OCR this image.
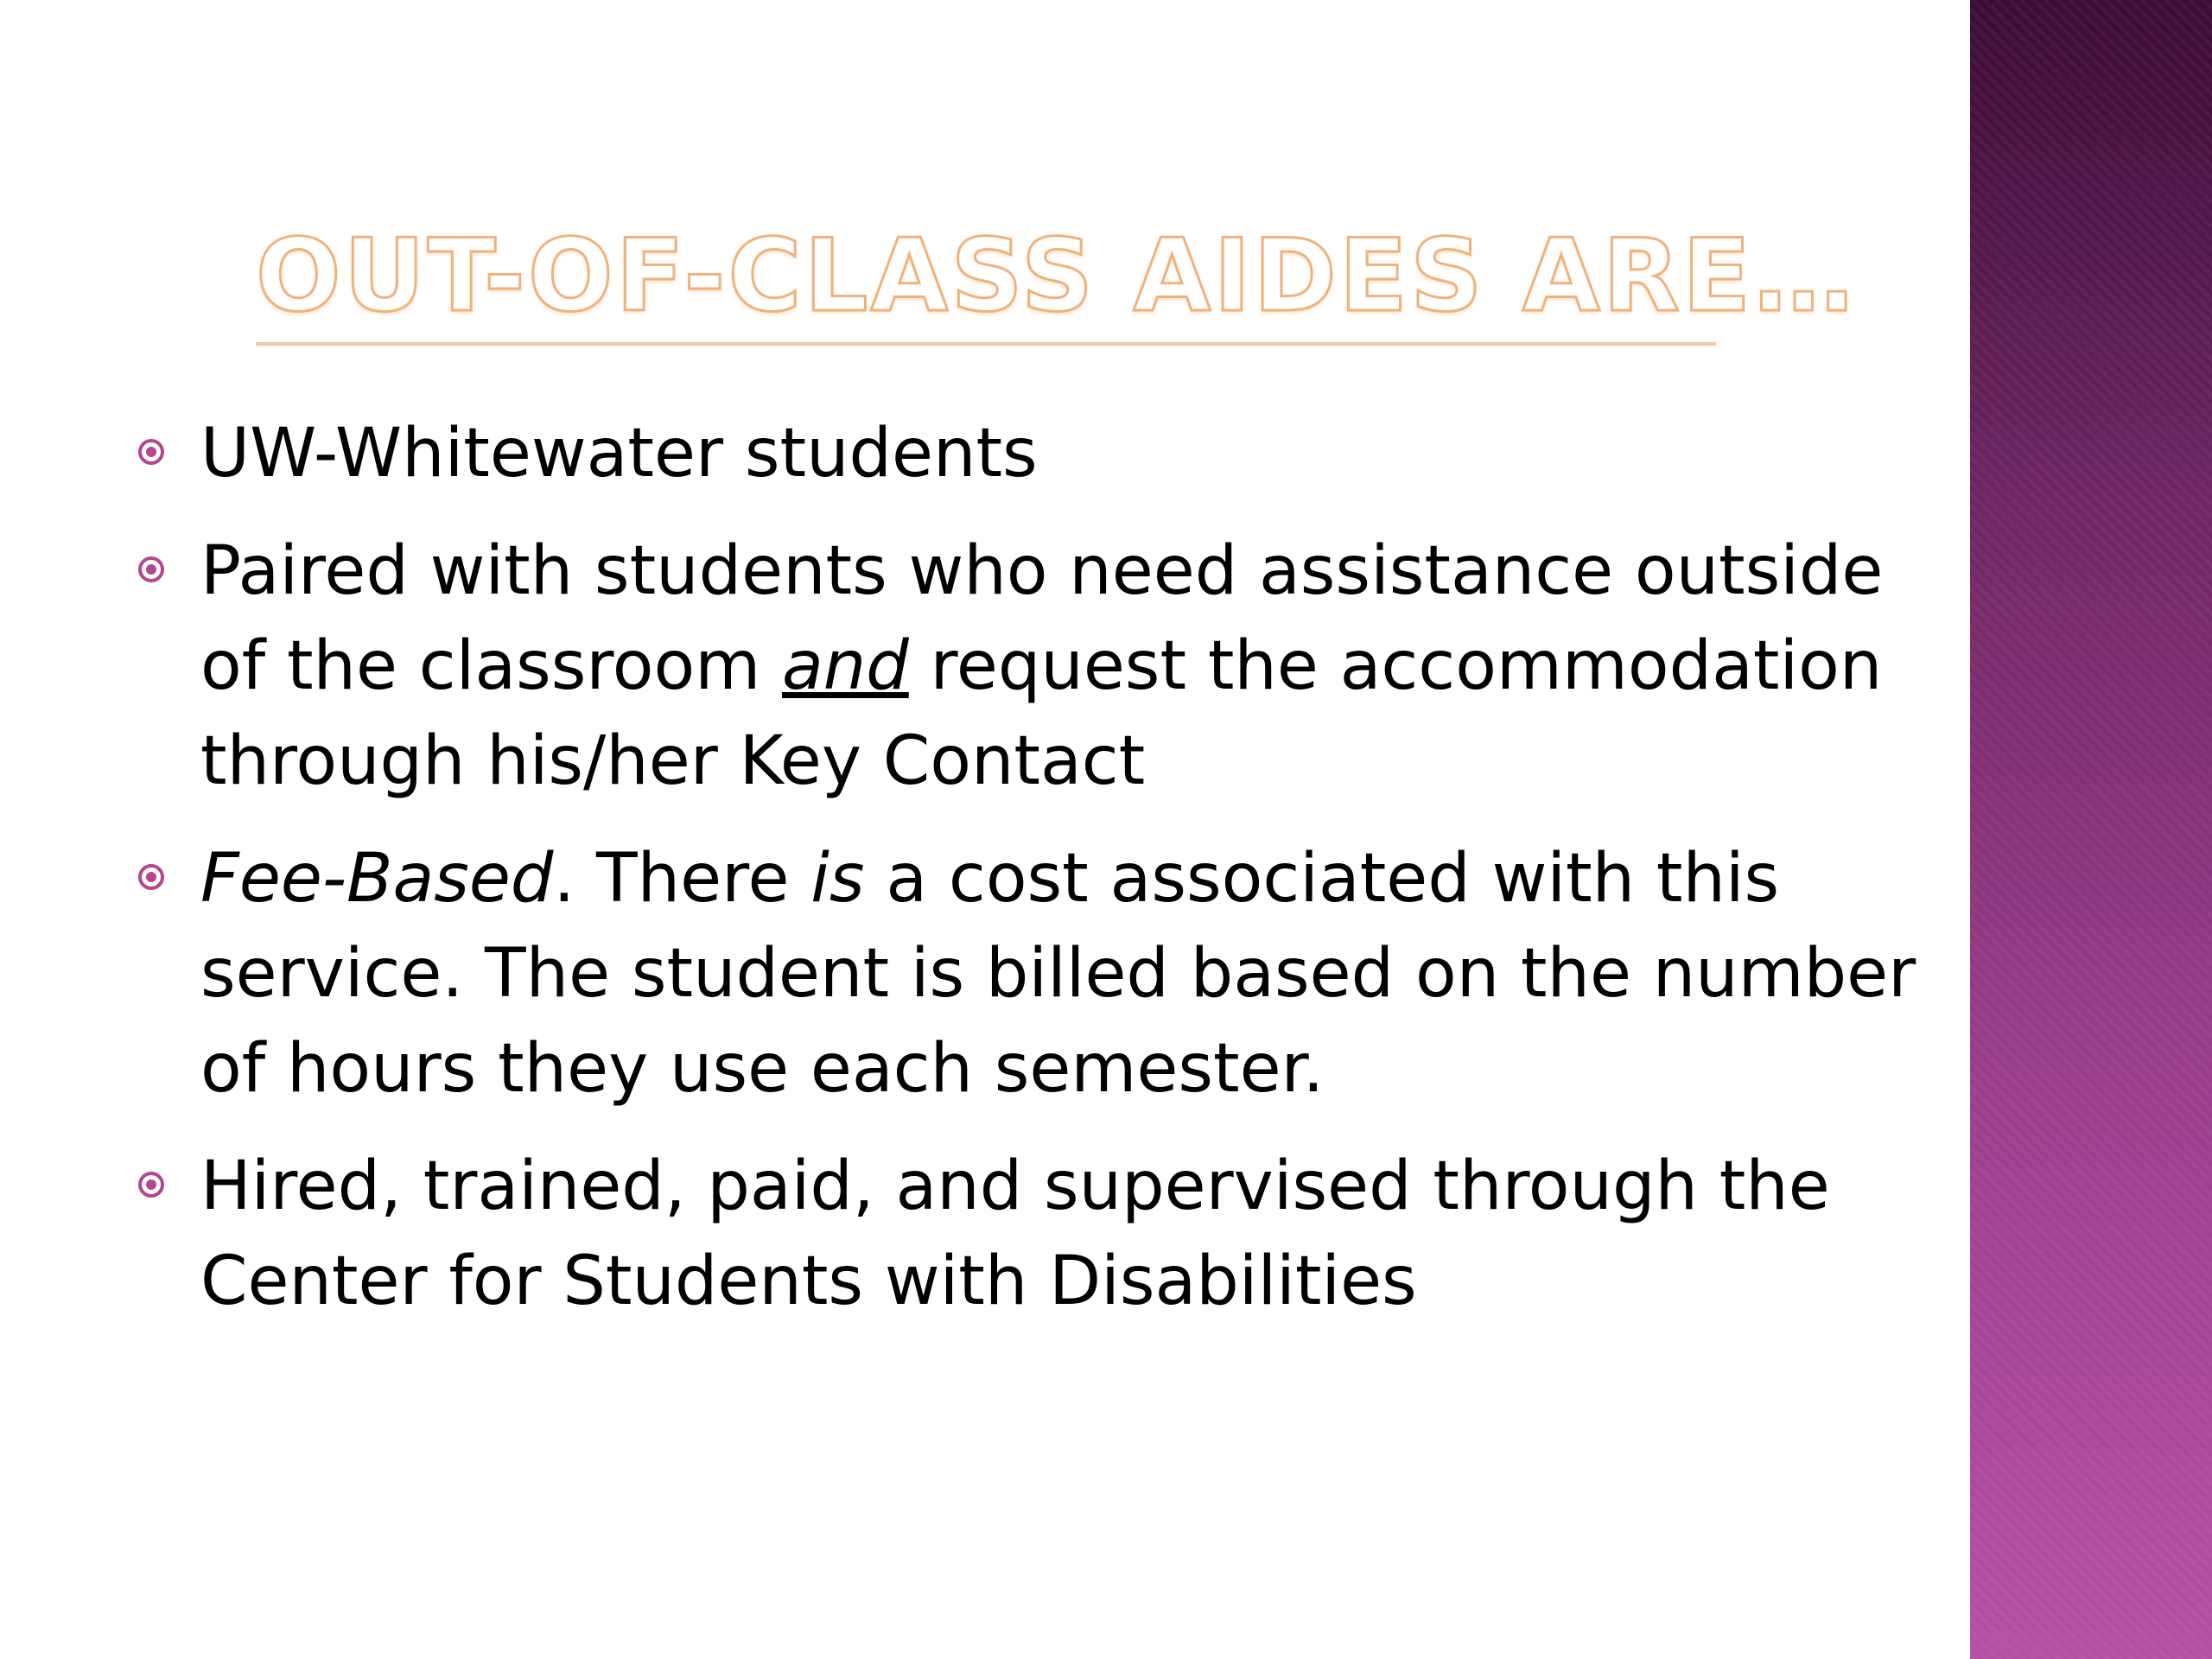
OUT-OF-CLASS AIDES ARE…
UW-Whitewater students
Paired with students who need assistance outside of the classroom and request the accommodation through his/her Key Contact
Fee-Based. There is a cost associated with this service. The student is billed based on the number of hours they use each semester.
Hired, trained, paid, and supervised through the Center for Students with Disabilities
